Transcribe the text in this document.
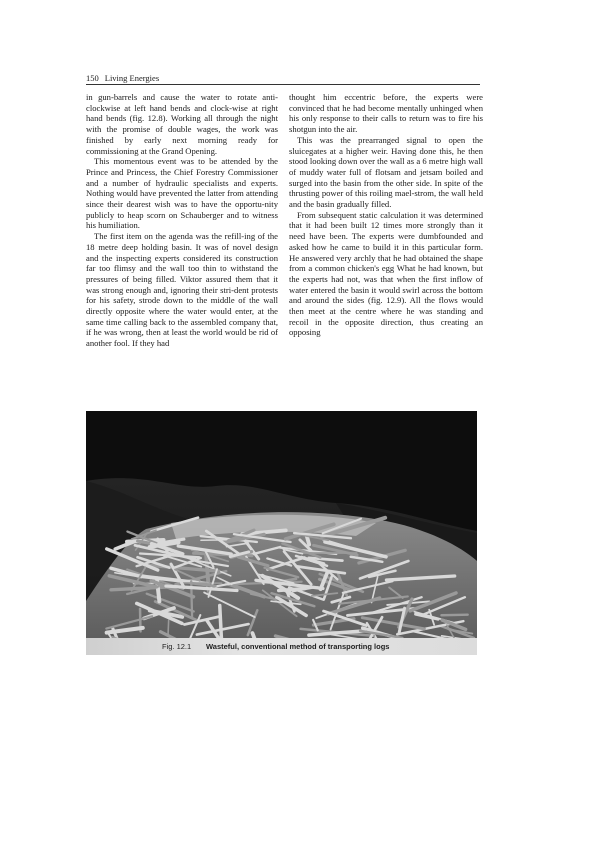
150 Living Energies

in gun-barrels and cause the water to rotate anti-clockwise at left hand bends and clock-wise at right hand bends (fig. 12.8). Working all through the night with the promise of double wages, the work was finished by early next morning ready for commissioning at the Grand Opening.

This momentous event was to be attended by the Prince and Princess, the Chief Forestry Commissioner and a number of hydraulic specialists and experts. Nothing would have prevented the latter from attending since their dearest wish was to have the opportu-nity publicly to heap scorn on Schauberger and to witness his humiliation.

The first item on the agenda was the refill-ing of the 18 metre deep holding basin. It was of novel design and the inspecting experts considered its construction far too flimsy and the wall too thin to withstand the pressures of being filled. Viktor assured them that it was strong enough and, ignoring their stri-dent protests for his safety, strode down to the middle of the wall directly opposite where the water would enter, at the same time calling back to the assembled company that, if he was wrong, then at least the world would be rid of another fool. If they had

thought him eccentric before, the experts were convinced that he had become mentally unhinged when his only response to their calls to return was to fire his shotgun into the air.

This was the prearranged signal to open the sluicegates at a higher weir. Having done this, he then stood looking down over the wall as a 6 metre high wall of muddy water full of flotsam and jetsam boiled and surged into the basin from the other side. In spite of the thrusting power of this roiling mael-strom, the wall held and the basin gradually filled.

From subsequent static calculation it was determined that it had been built 12 times more strongly than it need have been. The experts were dumbfounded and asked how he came to build it in this particular form. He answered very archly that he had obtained the shape from a common chicken's egg What he had known, but the experts had not, was that when the first inflow of water entered the basin it would swirl across the bottom and around the sides (fig. 12.9). All the flows would then meet at the centre where he was standing and recoil in the opposite direction, thus creating an opposing

Fig. 12.1 Wasteful, conventional method of transporting logs
